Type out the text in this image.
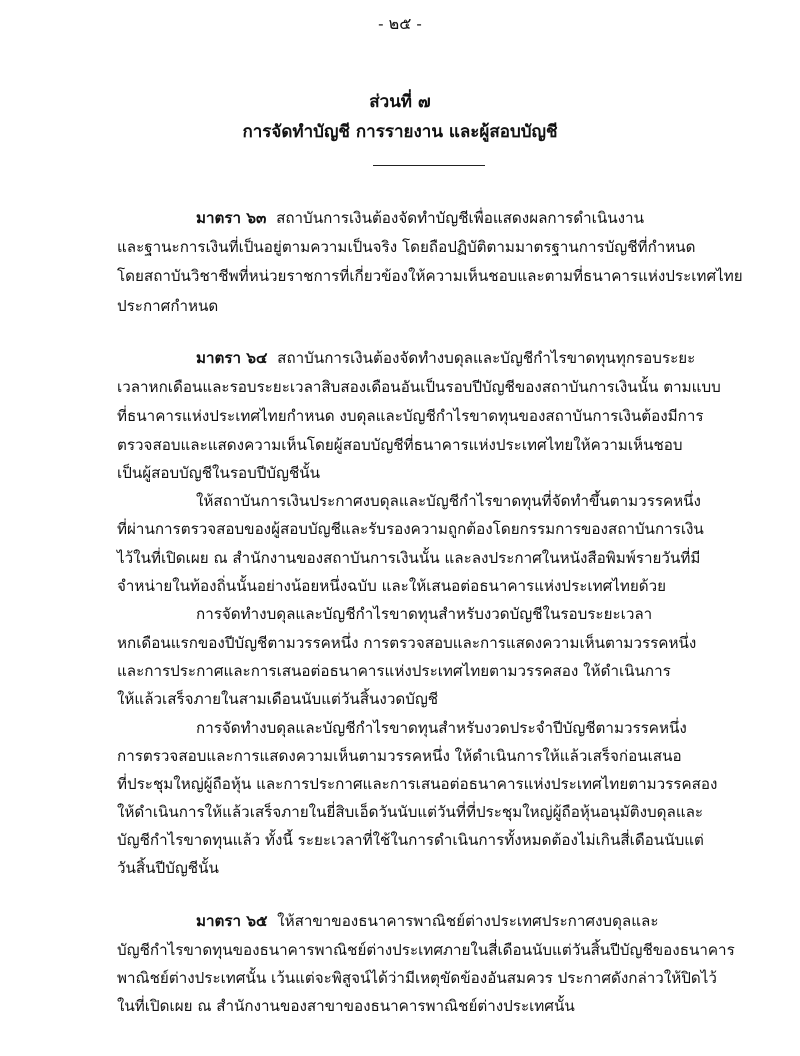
- ๒๕ -
ส่วนที่ ๗
การจัดทำบัญชี การรายงาน และผู้สอบบัญชี
มาตรา ๖๓ สถาบันการเงินต้องจัดทำบัญชีเพื่อแสดงผลการดำเนินงาน
และฐานะการเงินที่เป็นอยู่ตามความเป็นจริง โดยถือปฏิบัติตามมาตรฐานการบัญชีที่กำหนด
โดยสถาบันวิชาชีพที่หน่วยราชการที่เกี่ยวข้องให้ความเห็นชอบและตามที่ธนาคารแห่งประเทศไทย
ประกาศกำหนด
มาตรา ๖๔ สถาบันการเงินต้องจัดทำงบดุลและบัญชีกำไรขาดทุนทุกรอบระยะ
เวลาหกเดือนและรอบระยะเวลาสิบสองเดือนอันเป็นรอบปีบัญชีของสถาบันการเงินนั้น ตามแบบ
ที่ธนาคารแห่งประเทศไทยกำหนด งบดุลและบัญชีกำไรขาดทุนของสถาบันการเงินต้องมีการ
ตรวจสอบและแสดงความเห็นโดยผู้สอบบัญชีที่ธนาคารแห่งประเทศไทยให้ความเห็นชอบ
เป็นผู้สอบบัญชีในรอบปีบัญชีนั้น
ให้สถาบันการเงินประกาศงบดุลและบัญชีกำไรขาดทุนที่จัดทำขึ้นตามวรรคหนึ่ง
ที่ผ่านการตรวจสอบของผู้สอบบัญชีและรับรองความถูกต้องโดยกรรมการของสถาบันการเงิน
ไว้ในที่เปิดเผย ณ สำนักงานของสถาบันการเงินนั้น และลงประกาศในหนังสือพิมพ์รายวันที่มี
จำหน่ายในท้องถิ่นนั้นอย่างน้อยหนึ่งฉบับ และให้เสนอต่อธนาคารแห่งประเทศไทยด้วย
การจัดทำงบดุลและบัญชีกำไรขาดทุนสำหรับงวดบัญชีในรอบระยะเวลา
หกเดือนแรกของปีบัญชีตามวรรคหนึ่ง การตรวจสอบและการแสดงความเห็นตามวรรคหนึ่ง
และการประกาศและการเสนอต่อธนาคารแห่งประเทศไทยตามวรรคสอง ให้ดำเนินการ
ให้แล้วเสร็จภายในสามเดือนนับแต่วันสิ้นงวดบัญชี
การจัดทำงบดุลและบัญชีกำไรขาดทุนสำหรับงวดประจำปีบัญชีตามวรรคหนึ่ง
การตรวจสอบและการแสดงความเห็นตามวรรคหนึ่ง ให้ดำเนินการให้แล้วเสร็จก่อนเสนอ
ที่ประชุมใหญ่ผู้ถือหุ้น และการประกาศและการเสนอต่อธนาคารแห่งประเทศไทยตามวรรคสอง
ให้ดำเนินการให้แล้วเสร็จภายในยี่สิบเอ็ดวันนับแต่วันที่ที่ประชุมใหญ่ผู้ถือหุ้นอนุมัติงบดุลและ
บัญชีกำไรขาดทุนแล้ว ทั้งนี้ ระยะเวลาที่ใช้ในการดำเนินการทั้งหมดต้องไม่เกินสี่เดือนนับแต่
วันสิ้นปีบัญชีนั้น
มาตรา ๖๕ ให้สาขาของธนาคารพาณิชย์ต่างประเทศประกาศงบดุลและ
บัญชีกำไรขาดทุนของธนาคารพาณิชย์ต่างประเทศภายในสี่เดือนนับแต่วันสิ้นปีบัญชีของธนาคาร
พาณิชย์ต่างประเทศนั้น เว้นแต่จะพิสูจน์ได้ว่ามีเหตุขัดข้องอันสมควร ประกาศดังกล่าวให้ปิดไว้
ในที่เปิดเผย ณ สำนักงานของสาขาของธนาคารพาณิชย์ต่างประเทศนั้น
